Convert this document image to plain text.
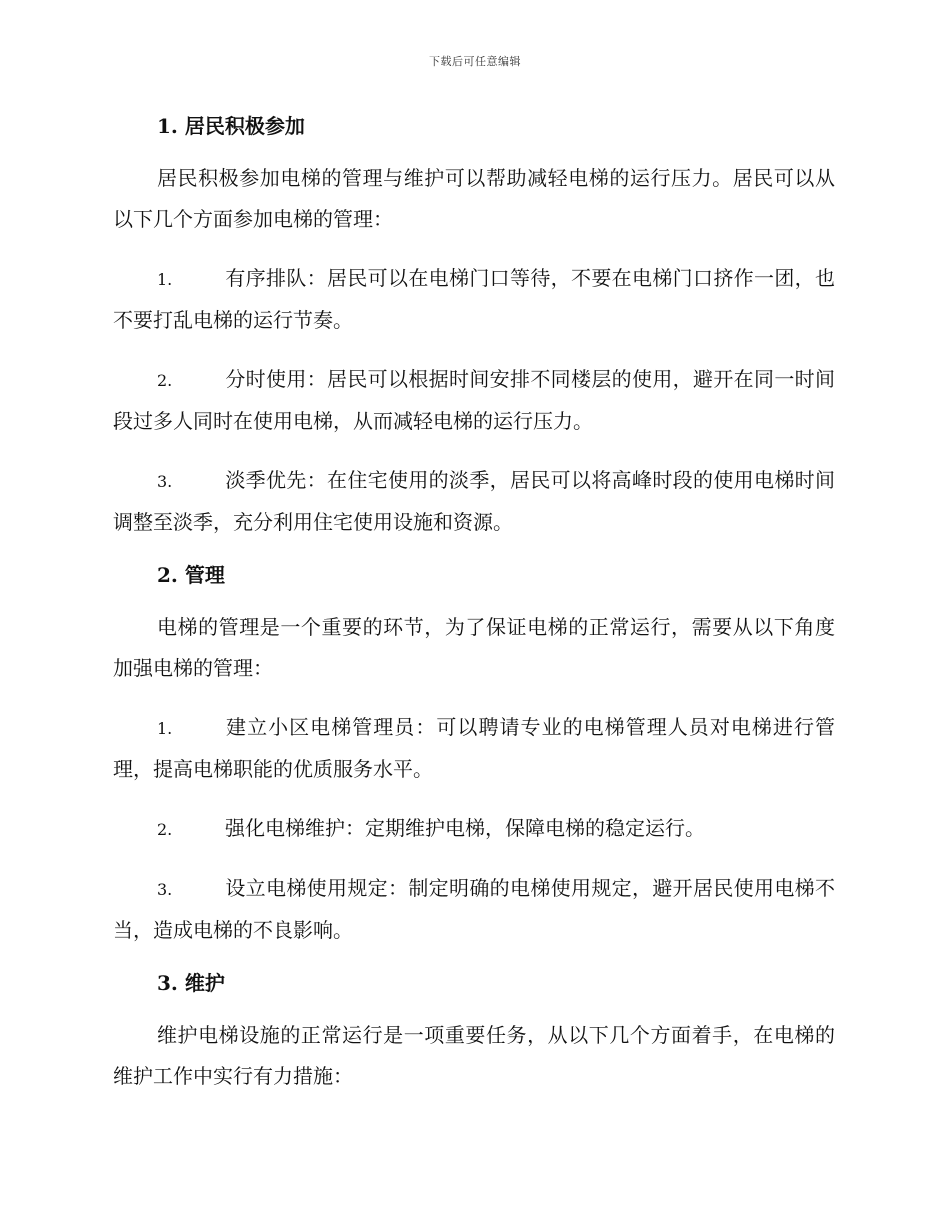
下载后可任意编辑

1. 居民积极参加

居民积极参加电梯的管理与维护可以帮助减轻电梯的运行压力。居民可以从以下几个方面参加电梯的管理：

1.	有序排队：居民可以在电梯门口等待，不要在电梯门口挤作一团，也不要打乱电梯的运行节奏。

2.	分时使用：居民可以根据时间安排不同楼层的使用，避开在同一时间段过多人同时在使用电梯，从而减轻电梯的运行压力。

3.	淡季优先：在住宅使用的淡季，居民可以将高峰时段的使用电梯时间调整至淡季，充分利用住宅使用设施和资源。

2. 管理

电梯的管理是一个重要的环节，为了保证电梯的正常运行，需要从以下角度加强电梯的管理：

1.	建立小区电梯管理员：可以聘请专业的电梯管理人员对电梯进行管理，提高电梯职能的优质服务水平。

2.	强化电梯维护：定期维护电梯，保障电梯的稳定运行。

3.	设立电梯使用规定：制定明确的电梯使用规定，避开居民使用电梯不当，造成电梯的不良影响。

3. 维护

维护电梯设施的正常运行是一项重要任务，从以下几个方面着手，在电梯的维护工作中实行有力措施：
